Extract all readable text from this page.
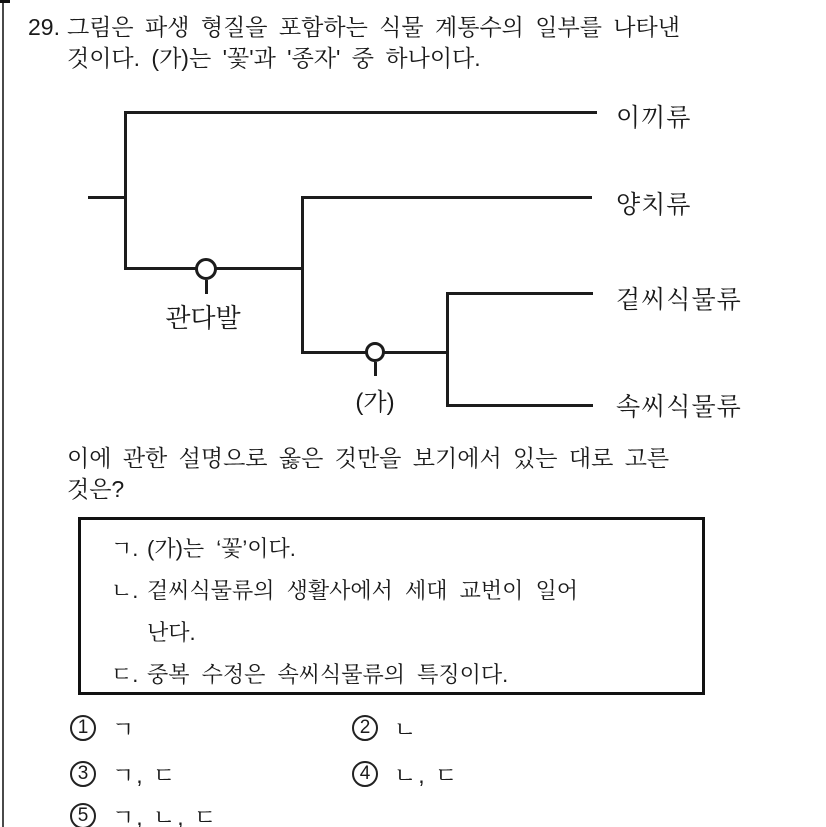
29. 그림은 파생 형질을 포함하는 식물 계통수의 일부를 나타낸
것이다. (가)는 '꽃'과 '종자' 중 하나이다.
관다발
(가)
이끼류
양치류
겉씨식물류
속씨식물류
이에 관한 설명으로 옳은 것만을 보기에서 있는 대로 고른
것은?
ㄱ. (가)는 ‘꽃’이다.
ㄴ. 겉씨식물류의 생활사에서 세대 교번이 일어
난다.
ㄷ. 중복 수정은 속씨식물류의 특징이다.
1	ㄱ	2	ㄴ
3	ㄱ, ㄷ	4	ㄴ, ㄷ
5	ㄱ, ㄴ, ㄷ
